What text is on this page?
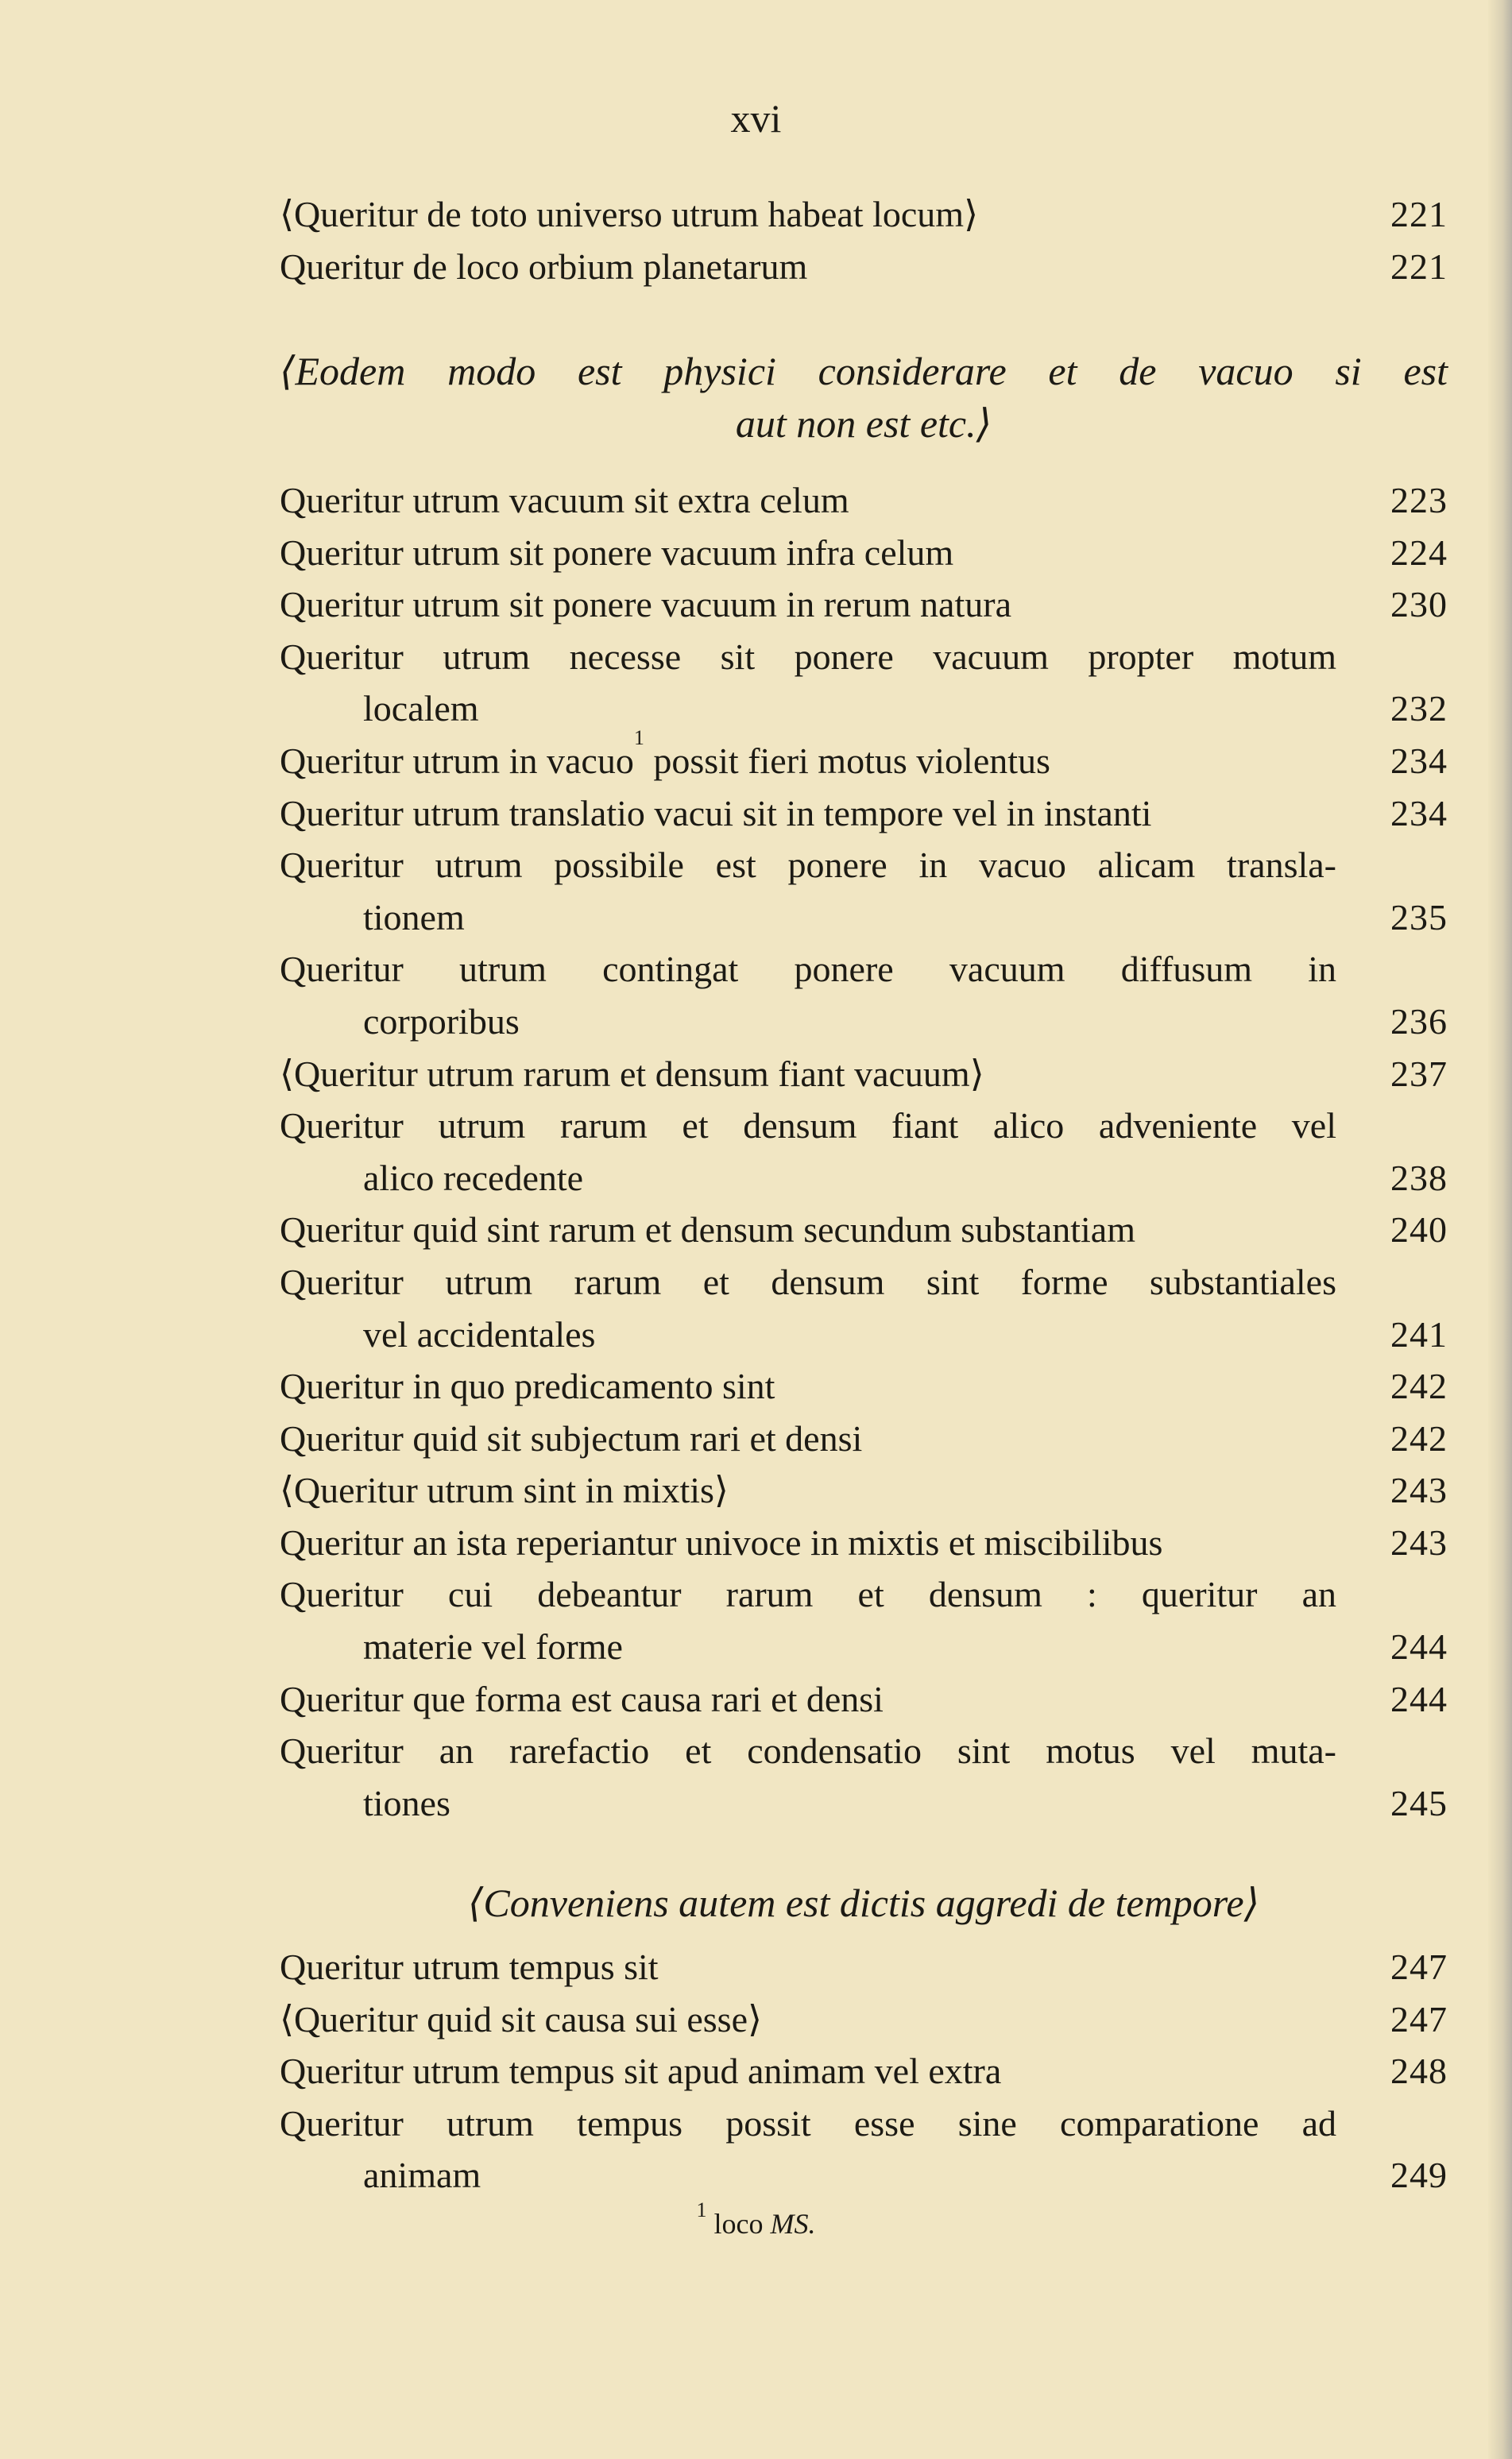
xvi
⟨Queritur de toto universo utrum habeat locum⟩	221
Queritur de loco orbium planetarum	221
⟨Eodem modo est physici considerare et de vacuo si est
aut non est etc.⟩
Queritur utrum vacuum sit extra celum	223
Queritur utrum sit ponere vacuum infra celum	224
Queritur utrum sit ponere vacuum in rerum natura	230
Queritur utrum necesse sit ponere vacuum propter motum
localem	232
Queritur utrum in vacuo$^1$ possit fieri motus violentus	234
Queritur utrum translatio vacui sit in tempore vel in instanti	234
Queritur utrum possibile est ponere in vacuo alicam transla-
tionem	235
Queritur utrum contingat ponere vacuum diffusum in
corporibus	236
⟨Queritur utrum rarum et densum fiant vacuum⟩	237
Queritur utrum rarum et densum fiant alico adveniente vel
alico recedente	238
Queritur quid sint rarum et densum secundum substantiam	240
Queritur utrum rarum et densum sint forme substantiales
vel accidentales	241
Queritur in quo predicamento sint	242
Queritur quid sit subjectum rari et densi	242
⟨Queritur utrum sint in mixtis⟩	243
Queritur an ista reperiantur univoce in mixtis et miscibilibus	243
Queritur cui debeantur rarum et densum : queritur an
materie vel forme	244
Queritur que forma est causa rari et densi	244
Queritur an rarefactio et condensatio sint motus vel muta-
tiones	245
⟨Conveniens autem est dictis aggredi de tempore⟩
Queritur utrum tempus sit	247
⟨Queritur quid sit causa sui esse⟩	247
Queritur utrum tempus sit apud animam vel extra	248
Queritur utrum tempus possit esse sine comparatione ad
animam	249
$^1$ loco MS.
